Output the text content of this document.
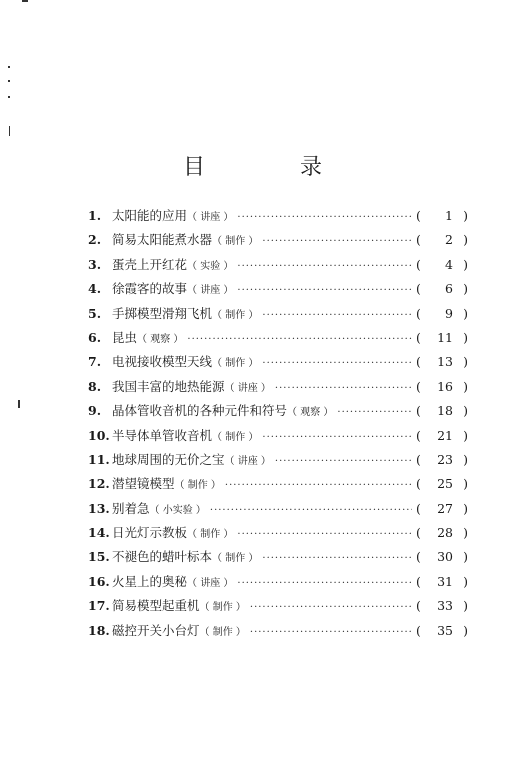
目 录
1. 太阳能的应用（ 讲座 ） ·····	(	1 )
2. 简易太阳能煮水器（ 制作 ） ·····	(	2 )
3. 蛋壳上开红花（ 实验 ） ·····	(	4 )
4. 徐霞客的故事（ 讲座 ） ·····	(	6 )
5. 手掷模型滑翔飞机（ 制作 ） ·····	(	9 )
6. 昆虫（ 观察 ） ·····	(	11 )
7. 电视接收模型天线（ 制作 ） ·····	(	13 )
8. 我国丰富的地热能源（ 讲座 ） ·····	(	16 )
9. 晶体管收音机的各种元件和符号（ 观察 ） ·····	(	18 )
10. 半导体单管收音机（ 制作 ） ·····	(	21 )
11. 地球周围的无价之宝（ 讲座 ） ·····	(	23 )
12. 潜望镜模型（ 制作 ） ·····	(	25 )
13. 别着急（ 小实验 ） ·····	(	27 )
14. 日光灯示教板（ 制作 ） ·····	(	28 )
15. 不褪色的蜡叶标本（ 制作 ） ·····	(	30 )
16. 火星上的奥秘（ 讲座 ） ·····	(	31 )
17. 简易模型起重机（ 制作 ） ·····	(	33 )
18. 磁控开关小台灯（ 制作 ） ·····	(	35 )
